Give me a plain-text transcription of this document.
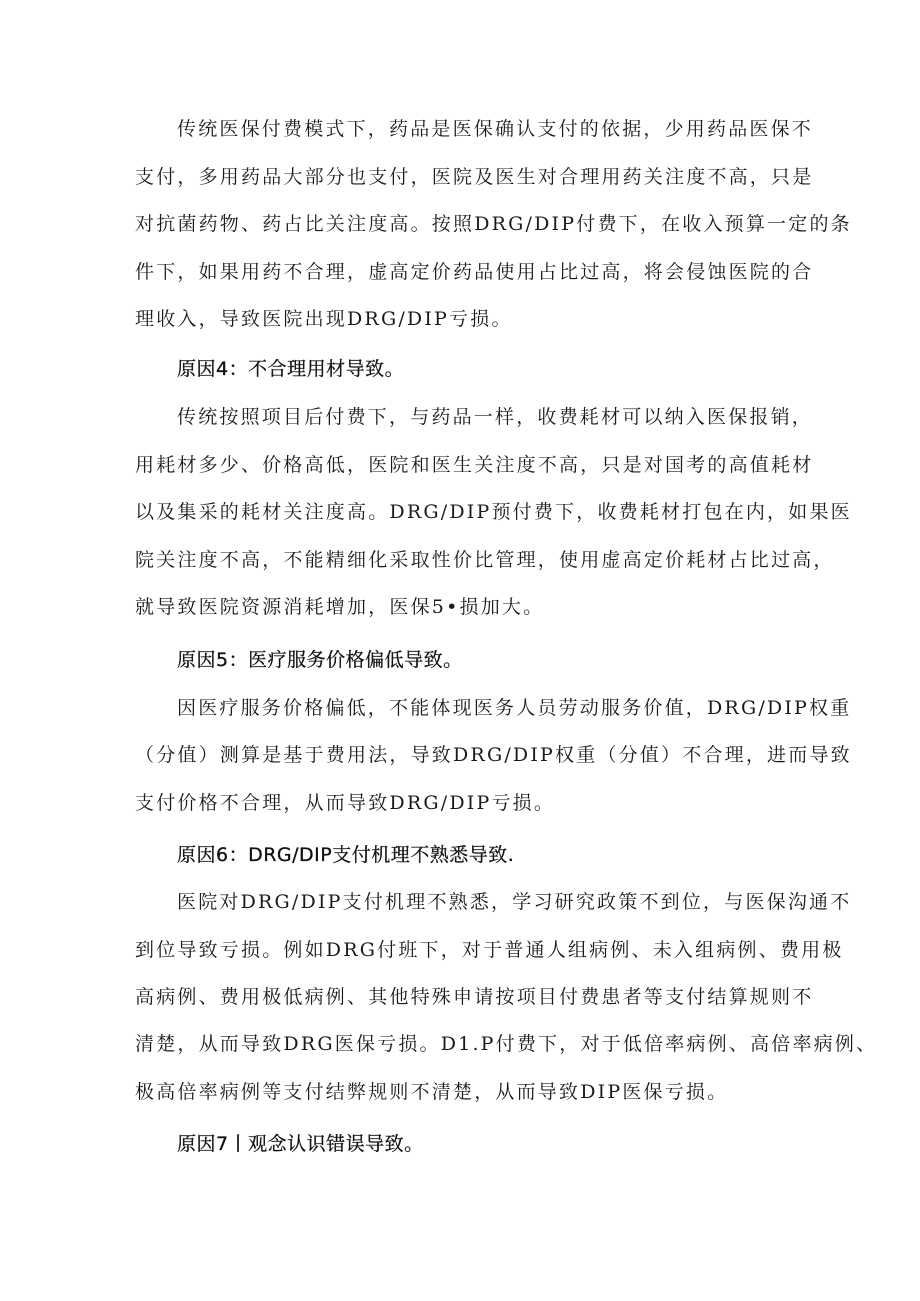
传统医保付费模式下，药品是医保确认支付的依据，少用药品医保不
支付，多用药品大部分也支付，医院及医生对合理用药关注度不高，只是
对抗菌药物、药占比关注度高。按照DRG/DIP付费下，在收入预算一定的条
件下，如果用药不合理，虚高定价药品使用占比过高，将会侵蚀医院的合
理收入，导致医院出现DRG/DIP亏损。
原因4：不合理用材导致。
传统按照项目后付费下，与药品一样，收费耗材可以纳入医保报销，
用耗材多少、价格高低，医院和医生关注度不高，只是对国考的高值耗材
以及集采的耗材关注度高。DRG/DIP预付费下，收费耗材打包在内，如果医
院关注度不高，不能精细化采取性价比管理，使用虚高定价耗材占比过高，
就导致医院资源消耗增加，医保5•损加大。
原因5：医疗服务价格偏低导致。
因医疗服务价格偏低，不能体现医务人员劳动服务价值，DRG/DIP权重
（分值）测算是基于费用法，导致DRG/DIP权重（分值）不合理，进而导致
支付价格不合理，从而导致DRG/DIP亏损。
原因6：DRG/DIP支付机理不熟悉导致.
医院对DRG/DIP支付机理不熟悉，学习研究政策不到位，与医保沟通不
到位导致亏损。例如DRG付班下，对于普通人组病例、未入组病例、费用极
高病例、费用极低病例、其他特殊申请按项目付费患者等支付结算规则不
清楚，从而导致DRG医保亏损。D1.P付费下，对于低倍率病例、高倍率病例、
极高倍率病例等支付结弊规则不清楚，从而导致DIP医保亏损。
原因7丨观念认识错误导致。
